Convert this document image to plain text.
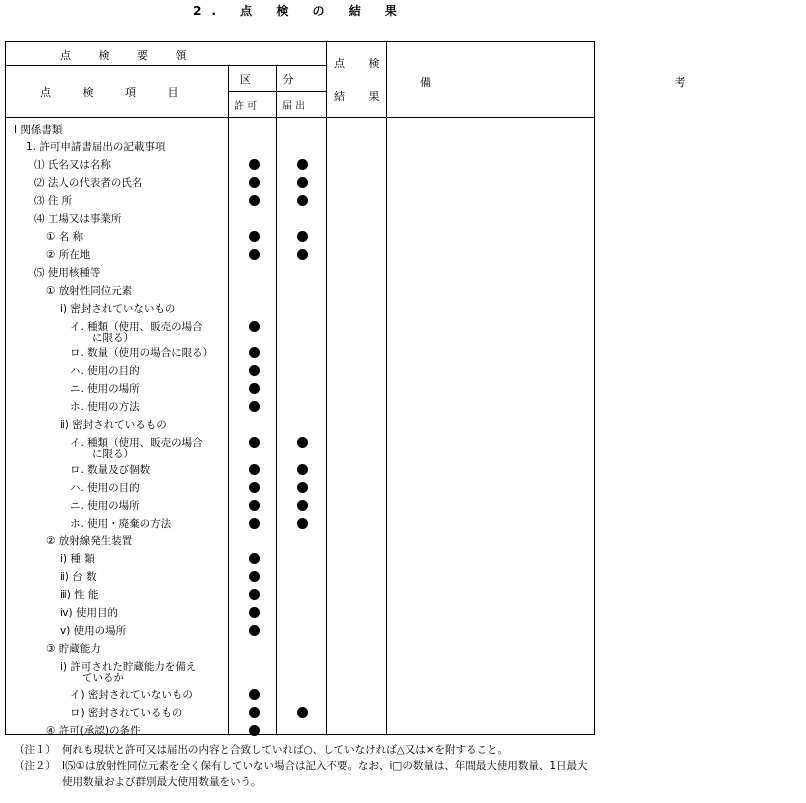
2. 点 検 の 結 果
点 検 要 領
点 検 項 目
区 分
許 可 届 出
点 検
結 果
備 考
Ⅰ 関係書類
1. 許可申請書届出の記載事項
⑴ 氏名又は名称
⑵ 法人の代表者の氏名
⑶ 住 所
⑷ 工場又は事業所
① 名 称
② 所在地
⑸ 使用核種等
① 放射性同位元素
ⅰ) 密封されていないもの
イ. 種類（使用、販売の場合
に限る）
ロ. 数量（使用の場合に限る）
ハ. 使用の目的
ニ. 使用の場所
ホ. 使用の方法
ⅱ) 密封されているもの
イ. 種類（使用、販売の場合
に限る）
ロ. 数量及び個数
ハ. 使用の目的
ニ. 使用の場所
ホ. 使用・廃棄の方法
② 放射線発生装置
ⅰ) 種 類
ⅱ) 台 数
ⅲ) 性 能
ⅳ) 使用目的
ⅴ) 使用の場所
③ 貯蔵能力
ⅰ) 許可された貯蔵能力を備え
ているか
イ) 密封されていないもの
ロ) 密封されているもの
④ 許可(承認)の条件
（注１） 何れも現状と許可又は届出の内容と合致していれば○、していなければ△又は×を附すること。
（注２） Ⅰ⑸①は放射性同位元素を全く保有していない場合は記入不要。なお、ⅰ□の数量は、年間最大使用数量、1日最大使用数量および群別最大使用数量をいう。
